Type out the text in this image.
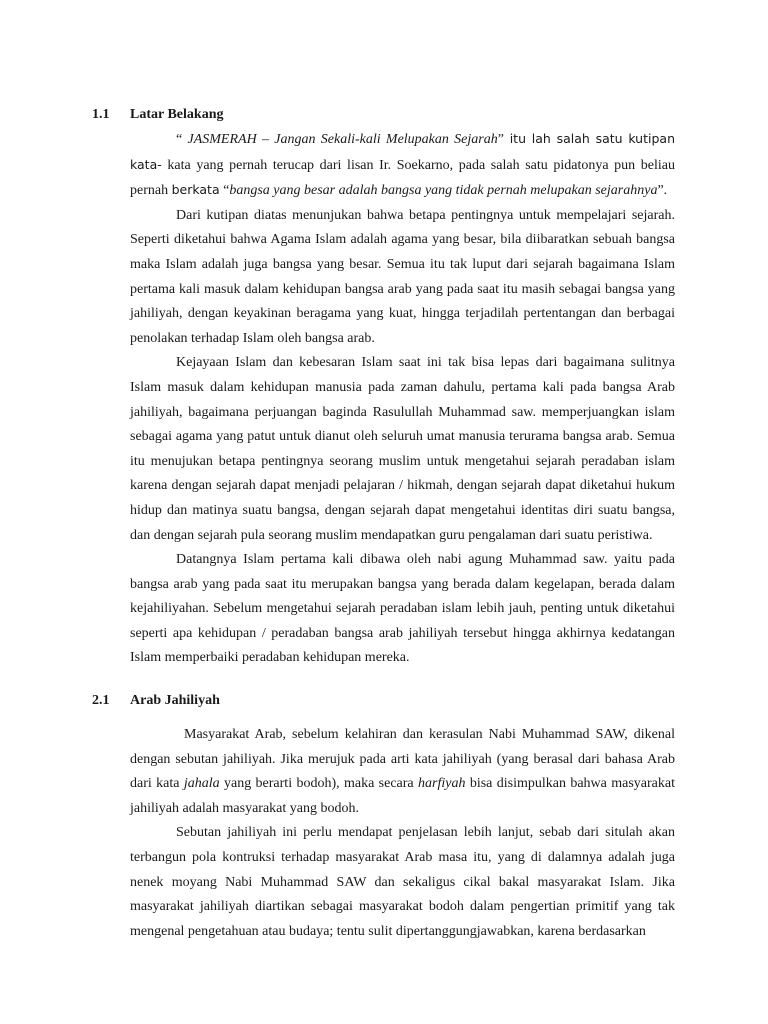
1.1 Latar Belakang

“ JASMERAH – Jangan Sekali-kali Melupakan Sejarah” itu lah salah satu kutipan kata- kata yang pernah terucap dari lisan Ir. Soekarno, pada salah satu pidatonya pun beliau pernah berkata “bangsa yang besar adalah bangsa yang tidak pernah melupakan sejarahnya”.

Dari kutipan diatas menunjukan bahwa betapa pentingnya untuk mempelajari sejarah. Seperti diketahui bahwa Agama Islam adalah agama yang besar, bila diibaratkan sebuah bangsa maka Islam adalah juga bangsa yang besar. Semua itu tak luput dari sejarah bagaimana Islam pertama kali masuk dalam kehidupan bangsa arab yang pada saat itu masih sebagai bangsa yang jahiliyah, dengan keyakinan beragama yang kuat, hingga terjadilah pertentangan dan berbagai penolakan terhadap Islam oleh bangsa arab.

Kejayaan Islam dan kebesaran Islam saat ini tak bisa lepas dari bagaimana sulitnya Islam masuk dalam kehidupan manusia pada zaman dahulu, pertama kali pada bangsa Arab jahiliyah, bagaimana perjuangan baginda Rasulullah Muhammad saw. memperjuangkan islam sebagai agama yang patut untuk dianut oleh seluruh umat manusia terurama bangsa arab. Semua itu menujukan betapa pentingnya seorang muslim untuk mengetahui sejarah peradaban islam karena dengan sejarah dapat menjadi pelajaran / hikmah, dengan sejarah dapat diketahui hukum hidup dan matinya suatu bangsa, dengan sejarah dapat mengetahui identitas diri suatu bangsa, dan dengan sejarah pula seorang muslim mendapatkan guru pengalaman dari suatu peristiwa.

Datangnya Islam pertama kali dibawa oleh nabi agung Muhammad saw. yaitu pada bangsa arab yang pada saat itu merupakan bangsa yang berada dalam kegelapan, berada dalam kejahiliyahan. Sebelum mengetahui sejarah peradaban islam lebih jauh, penting untuk diketahui seperti apa kehidupan / peradaban bangsa arab jahiliyah tersebut hingga akhirnya kedatangan Islam memperbaiki peradaban kehidupan mereka.

2.1 Arab Jahiliyah

Masyarakat Arab, sebelum kelahiran dan kerasulan Nabi Muhammad SAW, dikenal dengan sebutan jahiliyah. Jika merujuk pada arti kata jahiliyah (yang berasal dari bahasa Arab dari kata jahala yang berarti bodoh), maka secara harfiyah bisa disimpulkan bahwa masyarakat jahiliyah adalah masyarakat yang bodoh.

Sebutan jahiliyah ini perlu mendapat penjelasan lebih lanjut, sebab dari situlah akan terbangun pola kontruksi terhadap masyarakat Arab masa itu, yang di dalamnya adalah juga nenek moyang Nabi Muhammad SAW dan sekaligus cikal bakal masyarakat Islam. Jika masyarakat jahiliyah diartikan sebagai masyarakat bodoh dalam pengertian primitif yang tak mengenal pengetahuan atau budaya; tentu sulit dipertanggungjawabkan, karena berdasarkan
